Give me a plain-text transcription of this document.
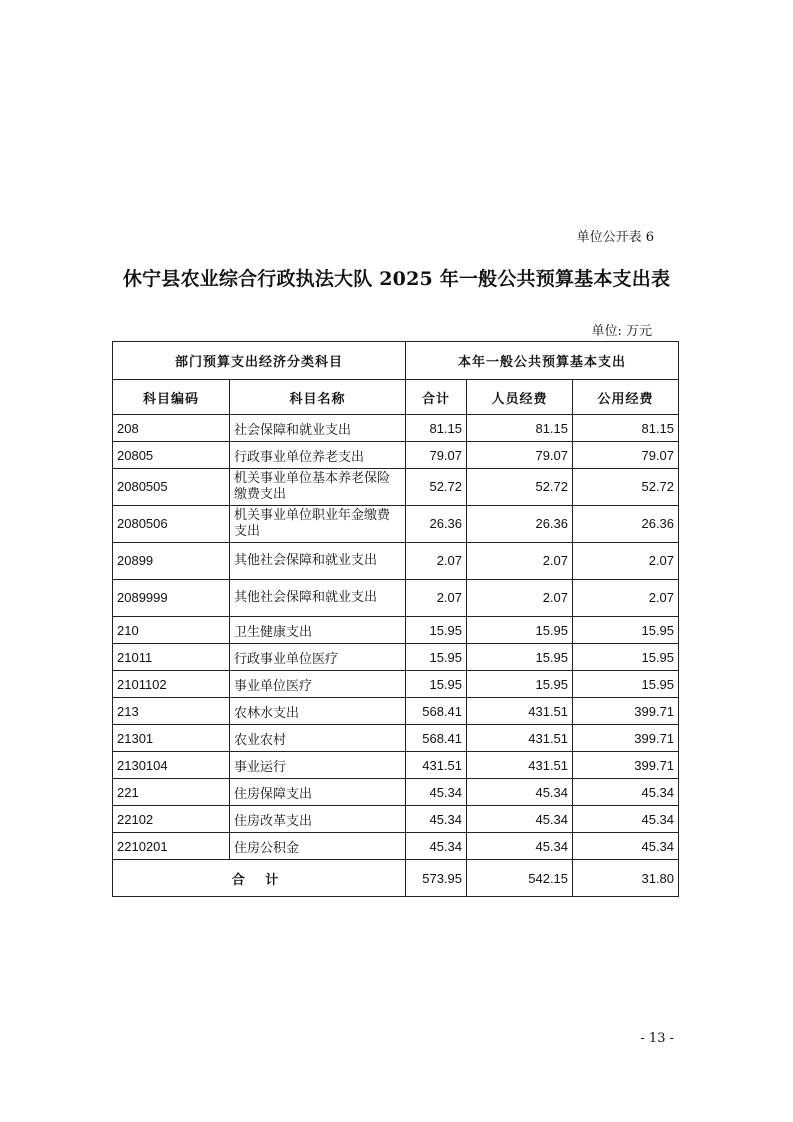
单位公开表 6
休宁县农业综合行政执法大队 2025 年一般公共预算基本支出表
单位: 万元
部门预算支出经济分类科目		本年一般公共预算基本支出		
科目编码	科目名称	合计	人员经费	公用经费
208	社会保障和就业支出	81.15	81.15	81.15
20805	行政事业单位养老支出	79.07	79.07	79.07
2080505	机关事业单位基本养老保险缴费支出	52.72	52.72	52.72
2080506	机关事业单位职业年金缴费支出	26.36	26.36	26.36
20899	其他社会保障和就业支出	2.07	2.07	2.07
2089999	其他社会保障和就业支出	2.07	2.07	2.07
210	卫生健康支出	15.95	15.95	15.95
21011	行政事业单位医疗	15.95	15.95	15.95
2101102	事业单位医疗	15.95	15.95	15.95
213	农林水支出	568.41	431.51	399.71
21301	农业农村	568.41	431.51	399.71
2130104	事业运行	431.51	431.51	399.71
221	住房保障支出	45.34	45.34	45.34
22102	住房改革支出	45.34	45.34	45.34
2210201	住房公积金	45.34	45.34	45.34
合 计		573.95	542.15	31.80
- 13 -
